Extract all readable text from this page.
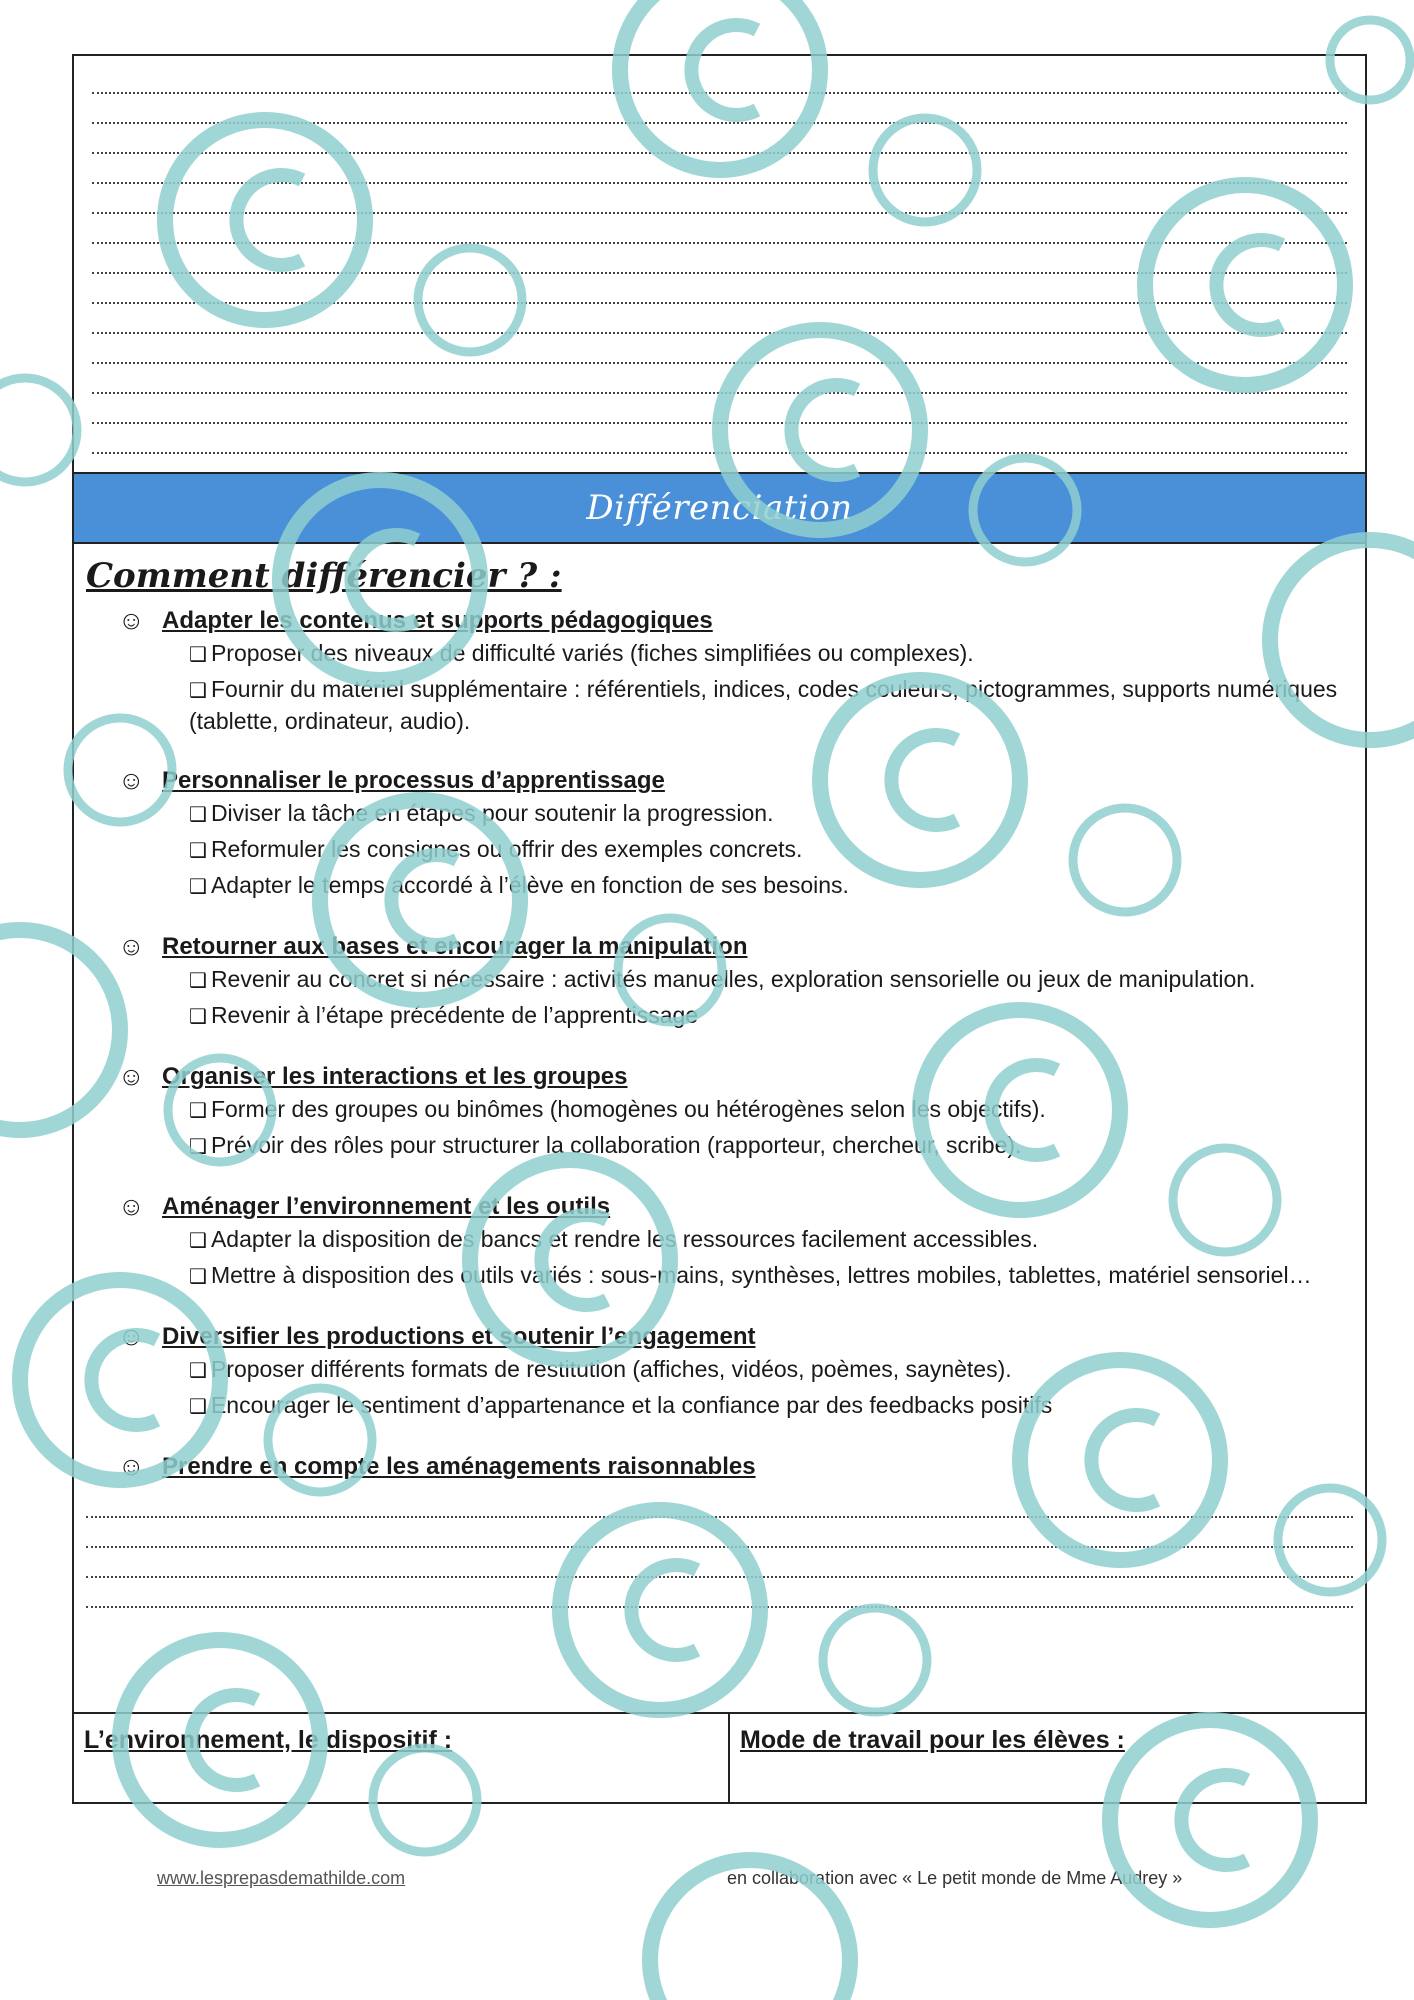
Différenciation
Comment différencier ? :
☺ Adapter les contenus et supports pédagogiques
❑ Proposer des niveaux de difficulté variés (fiches simplifiées ou complexes).
❑ Fournir du matériel supplémentaire : référentiels, indices, codes couleurs, pictogrammes, supports numériques (tablette, ordinateur, audio).
☺ Personnaliser le processus d’apprentissage
❑ Diviser la tâche en étapes pour soutenir la progression.
❑ Reformuler les consignes ou offrir des exemples concrets.
❑ Adapter le temps accordé à l’élève en fonction de ses besoins.
☺ Retourner aux bases et encourager la manipulation
❑ Revenir au concret si nécessaire : activités manuelles, exploration sensorielle ou jeux de manipulation.
❑ Revenir à l’étape précédente de l’apprentissage
☺ Organiser les interactions et les groupes
❑ Former des groupes ou binômes (homogènes ou hétérogènes selon les objectifs).
❑ Prévoir des rôles pour structurer la collaboration (rapporteur, chercheur, scribe).
☺ Aménager l’environnement et les outils
❑ Adapter la disposition des bancs et rendre les ressources facilement accessibles.
❑ Mettre à disposition des outils variés : sous-mains, synthèses, lettres mobiles, tablettes, matériel sensoriel…
☺ Diversifier les productions et soutenir l’engagement
❑ Proposer différents formats de restitution (affiches, vidéos, poèmes, saynètes).
❑ Encourager le sentiment d’appartenance et la confiance par des feedbacks positifs
☺ Prendre en compte les aménagements raisonnables
L’environnement, le dispositif :	Mode de travail pour les élèves :
www.lesprepasdemathilde.com	en collaboration avec « Le petit monde de Mme Audrey »
